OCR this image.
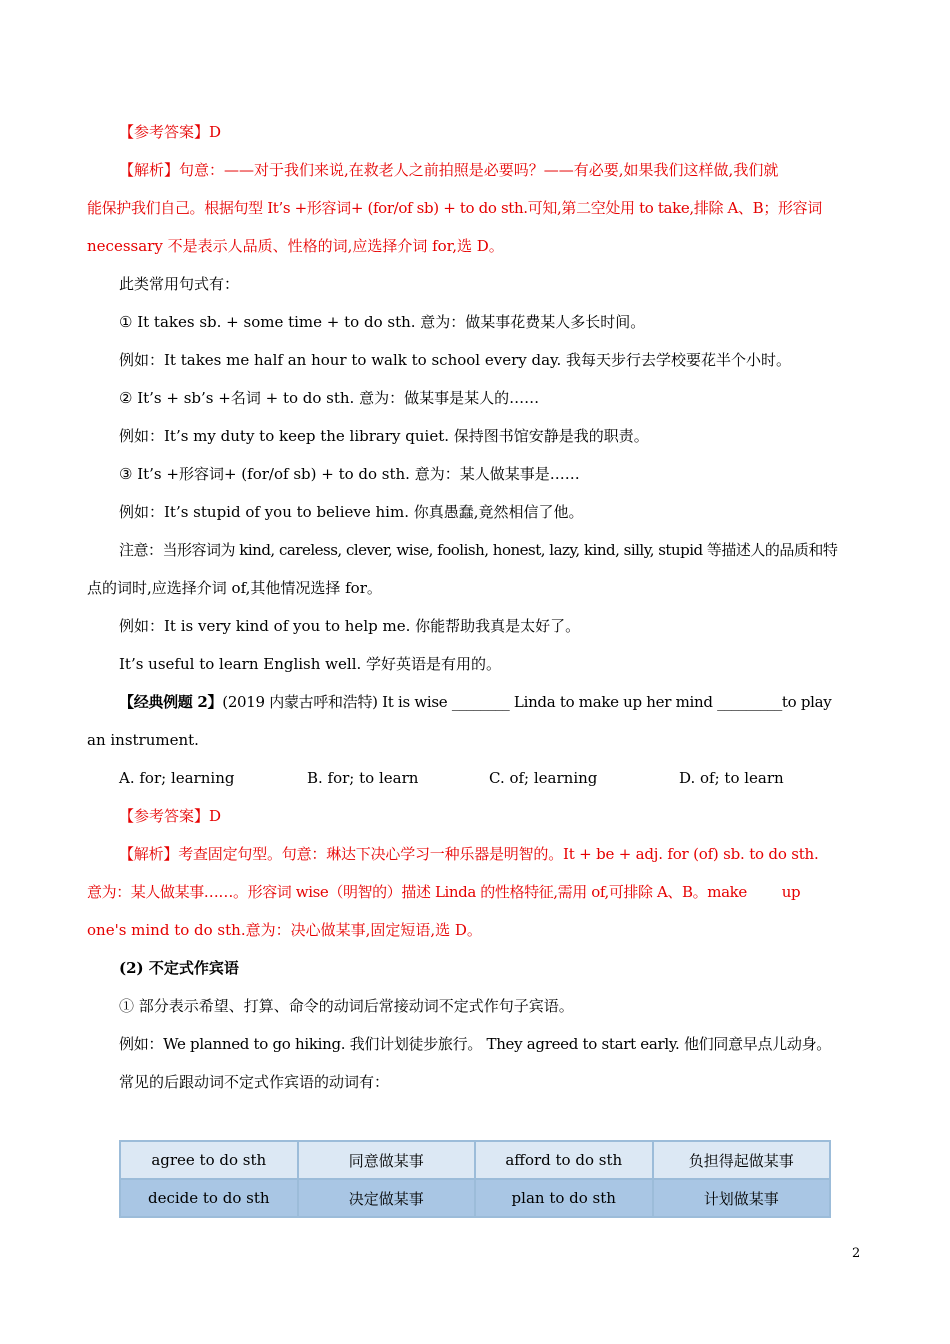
【参考答案】D
【解析】句意：——对于我们来说,在救老人之前拍照是必要吗？——有必要,如果我们这样做,我们就
能保护我们自己。根据句型 It’s +形容词+ (for/of sb) + to do sth.可知,第二空处用 to take,排除 A、B；形容词
necessary 不是表示人品质、性格的词,应选择介词 for,选 D。
此类常用句式有：
① It takes sb. + some time + to do sth. 意为：做某事花费某人多长时间。
例如：It takes me half an hour to walk to school every day. 我每天步行去学校要花半个小时。
② It’s + sb’s +名词 + to do sth. 意为：做某事是某人的……
例如：It’s my duty to keep the library quiet. 保持图书馆安静是我的职责。
③ It’s +形容词+ (for/of sb) + to do sth. 意为：某人做某事是……
例如：It’s stupid of you to believe him. 你真愚蠢,竟然相信了他。
注意：当形容词为 kind, careless, clever, wise, foolish, honest, lazy, kind, silly, stupid 等描述人的品质和特
点的词时,应选择介词 of,其他情况选择 for。
例如：It is very kind of you to help me. 你能帮助我真是太好了。
It’s useful to learn English well. 学好英语是有用的。
【经典例题 2】(2019 内蒙古呼和浩特) It is wise ________ Linda to make up her mind _________to play
an instrument.
A. for; learning	B. for; to learn	C. of; learning	D. of; to learn
【参考答案】D
【解析】考查固定句型。句意：琳达下决心学习一种乐器是明智的。It + be + adj. for (of) sb. to do sth.
意为：某人做某事……。形容词 wise（明智的）描述 Linda 的性格特征,需用 of,可排除 A、B。make        up
one's mind to do sth.意为：决心做某事,固定短语,选 D。
(2) 不定式作宾语
① 部分表示希望、打算、命令的动词后常接动词不定式作句子宾语。
例如：We planned to go hiking. 我们计划徒步旅行。 They agreed to start early. 他们同意早点儿动身。
常见的后跟动词不定式作宾语的动词有：
agree to do sth	同意做某事	afford to do sth	负担得起做某事
decide to do sth	决定做某事	plan to do sth	计划做某事
2
